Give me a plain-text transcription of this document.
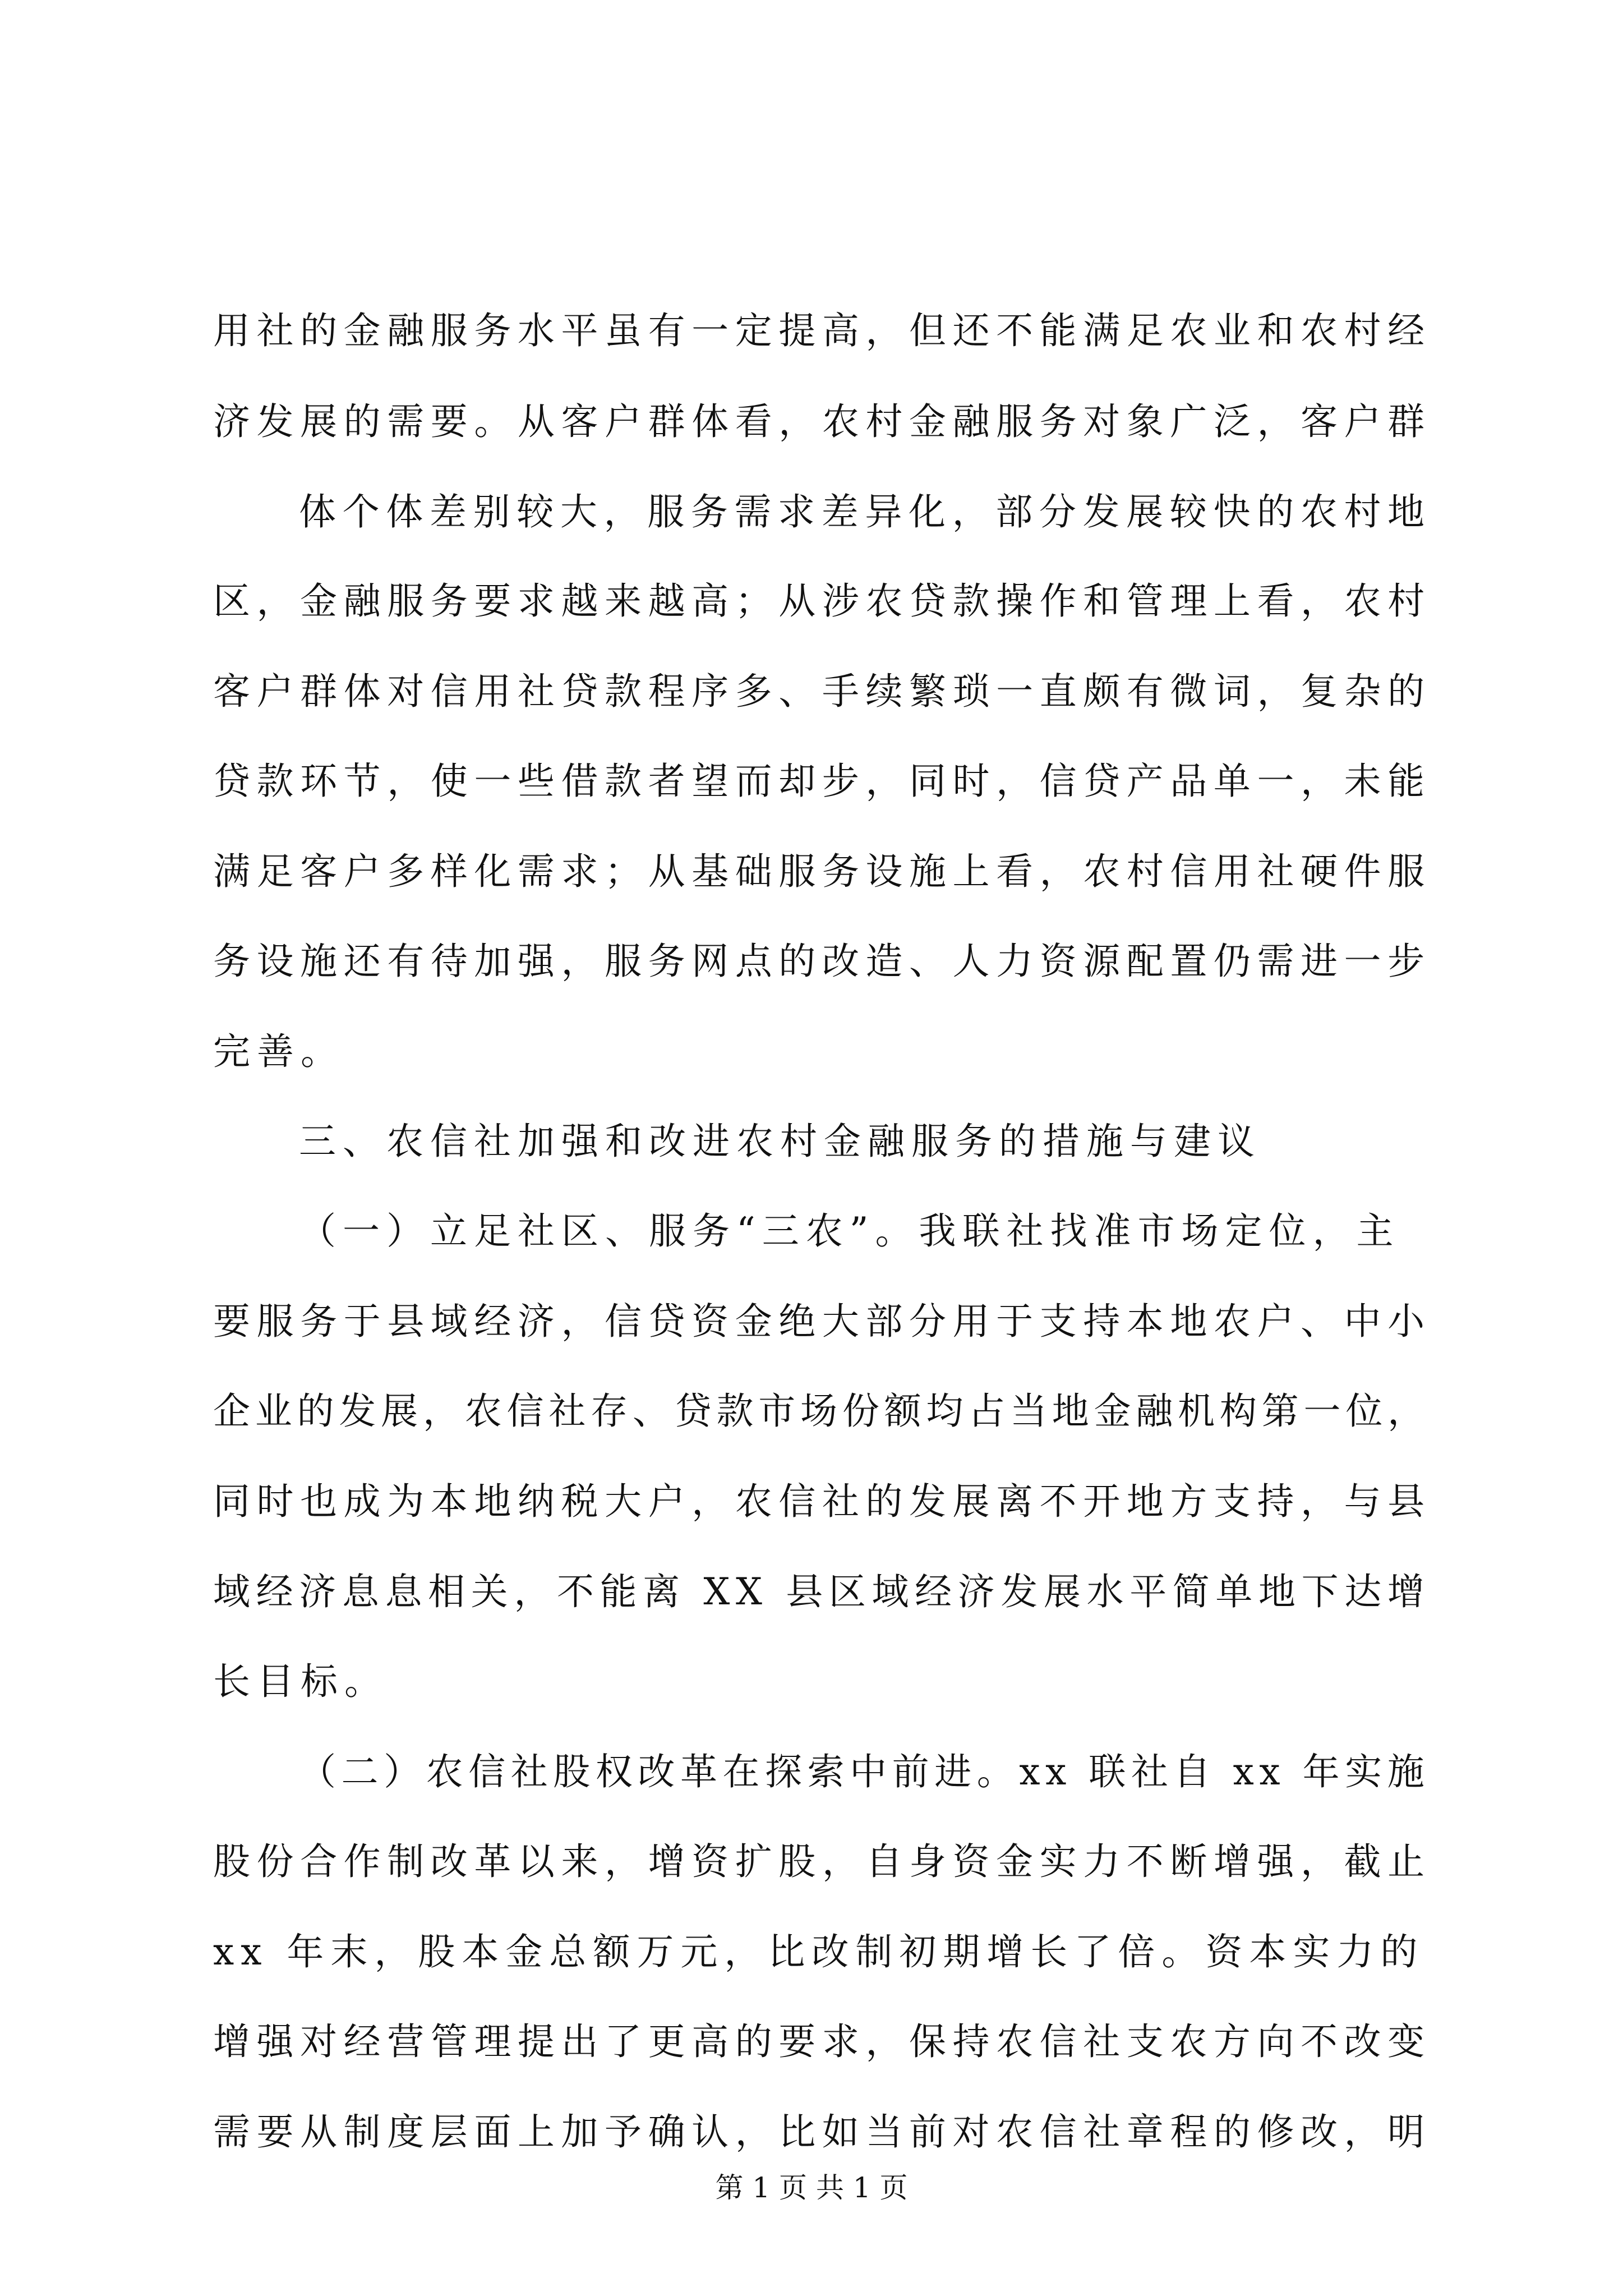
用社的金融服务水平虽有一定提高，但还不能满足农业和农村经
济发展的需要。从客户群体看，农村金融服务对象广泛，客户群
体个体差别较大，服务需求差异化，部分发展较快的农村地
区，金融服务要求越来越高；从涉农贷款操作和管理上看，农村
客户群体对信用社贷款程序多、手续繁琐一直颇有微词，复杂的
贷款环节，使一些借款者望而却步，同时，信贷产品单一，未能
满足客户多样化需求；从基础服务设施上看，农村信用社硬件服
务设施还有待加强，服务网点的改造、人力资源配置仍需进一步
完善。
三、农信社加强和改进农村金融服务的措施与建议
（一）立足社区、服务“三农”。我联社找准市场定位，主
要服务于县域经济，信贷资金绝大部分用于支持本地农户、中小
企业的发展，农信社存、贷款市场份额均占当地金融机构第一位，
同时也成为本地纳税大户，农信社的发展离不开地方支持，与县
域经济息息相关，不能离 XX 县区域经济发展水平简单地下达增
长目标。
（二）农信社股权改革在探索中前进。xx 联社自 xx 年实施
股份合作制改革以来，增资扩股，自身资金实力不断增强，截止
xx 年末，股本金总额万元，比改制初期增长了倍。资本实力的
增强对经营管理提出了更高的要求，保持农信社支农方向不改变
需要从制度层面上加予确认，比如当前对农信社章程的修改，明
第 1 页 共 1 页
